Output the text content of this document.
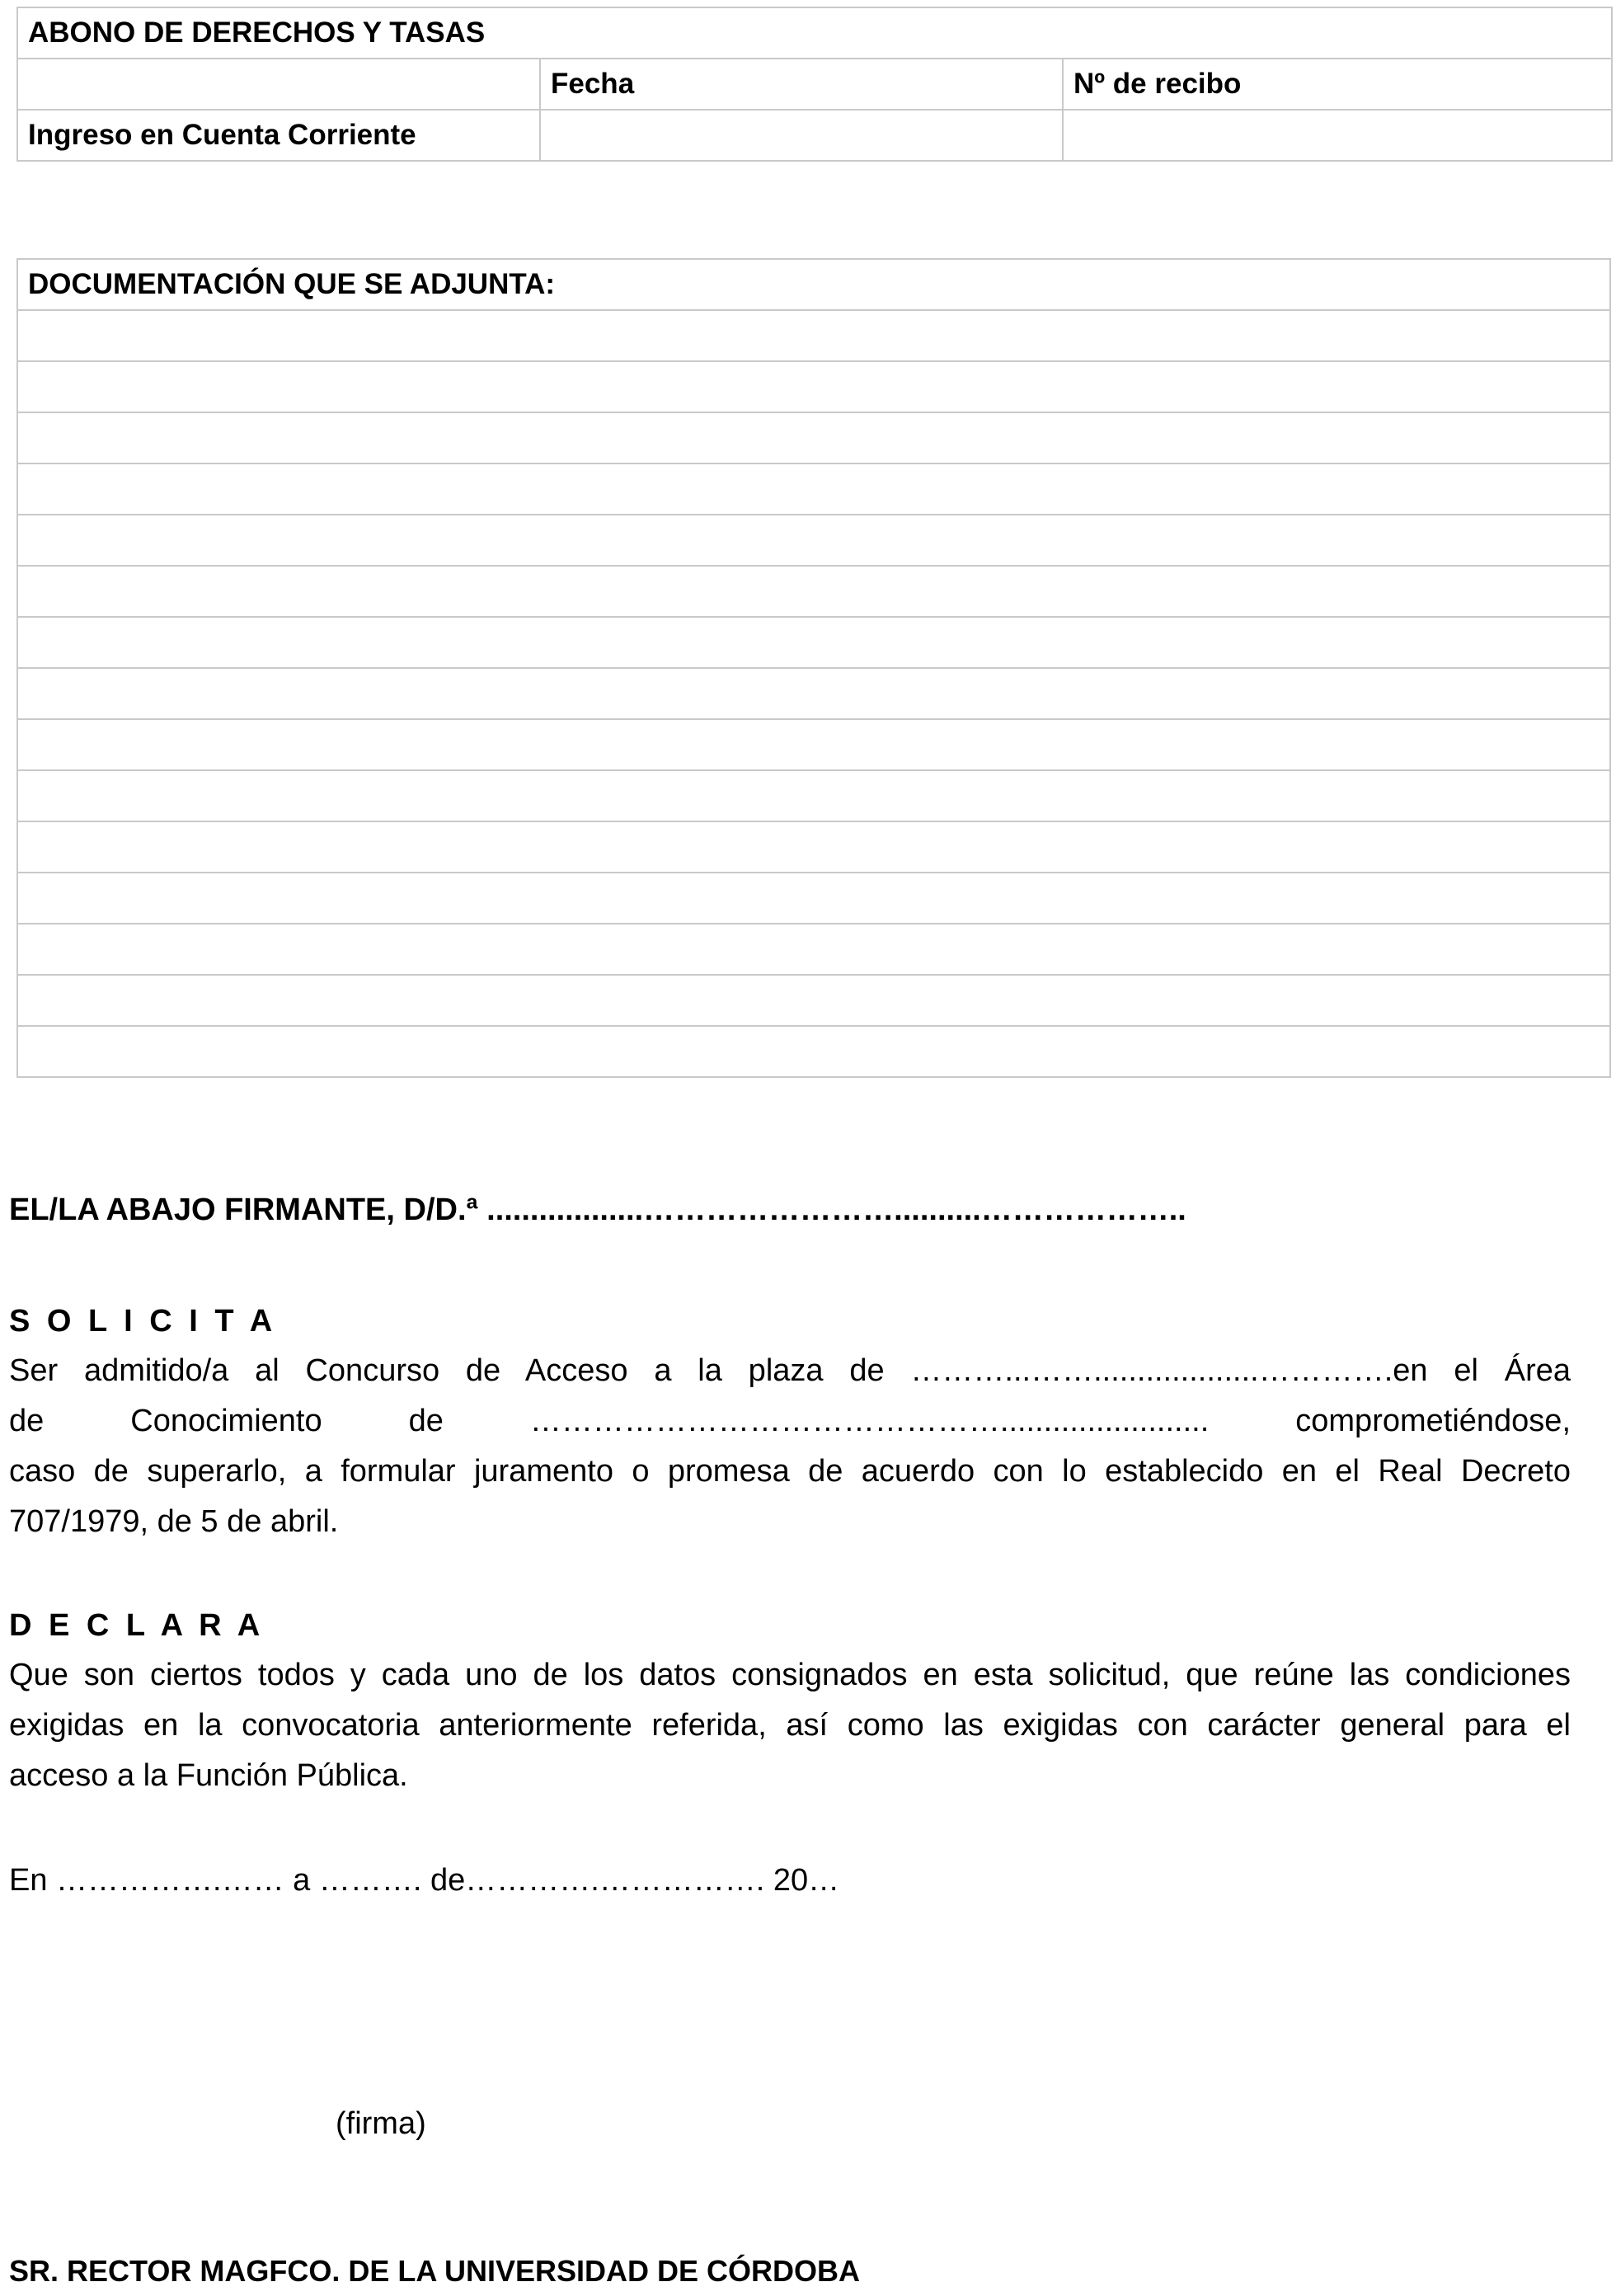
ABONO DE DERECHOS Y TASAS		
	Fecha	Nº de recibo
Ingreso en Cuenta Corriente		
DOCUMENTACIÓN QUE SE ADJUNTA:

EL/LA ABAJO FIRMANTE, D/D.ª ..................……………………..........………………..

S O L I C I T A

Ser admitido/a al Concurso de Acceso a la plaza de ………...……...................………….en el Área
de Conocimiento de ………………………………………........................ comprometiéndose,
caso de superarlo, a formular juramento o promesa de acuerdo con lo establecido en el Real Decreto
707/1979, de 5 de abril.

D E C L A R A

Que son ciertos todos y cada uno de los datos consignados en esta solicitud, que reúne las condiciones
exigidas en la convocatoria anteriormente referida, así como las exigidas con carácter general para el
acceso a la Función Pública.

En …………….…… a ………. de………….……………. 20…

(firma)

SR. RECTOR MAGFCO. DE LA UNIVERSIDAD DE CÓRDOBA
